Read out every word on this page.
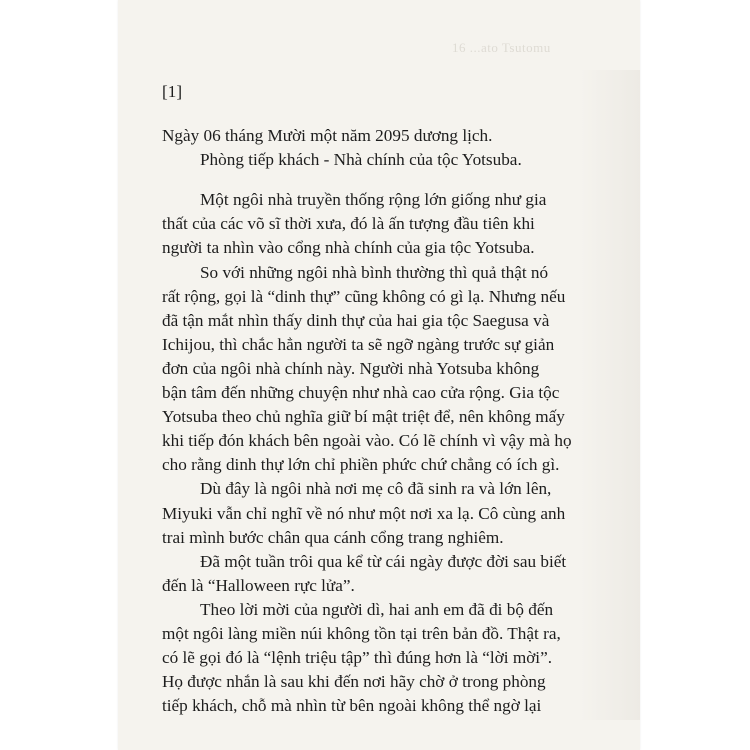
16 ...ato Tsutomu
[1]
Ngày 06 tháng Mười một năm 2095 dương lịch.
Phòng tiếp khách - Nhà chính của tộc Yotsuba.
Một ngôi nhà truyền thống rộng lớn giống như gia
thất của các võ sĩ thời xưa, đó là ấn tượng đầu tiên khi
người ta nhìn vào cổng nhà chính của gia tộc Yotsuba.
So với những ngôi nhà bình thường thì quả thật nó
rất rộng, gọi là “dinh thự” cũng không có gì lạ. Nhưng nếu
đã tận mắt nhìn thấy dinh thự của hai gia tộc Saegusa và
Ichijou, thì chắc hẳn người ta sẽ ngỡ ngàng trước sự giản
đơn của ngôi nhà chính này. Người nhà Yotsuba không
bận tâm đến những chuyện như nhà cao cửa rộng. Gia tộc
Yotsuba theo chủ nghĩa giữ bí mật triệt để, nên không mấy
khi tiếp đón khách bên ngoài vào. Có lẽ chính vì vậy mà họ
cho rằng dinh thự lớn chỉ phiền phức chứ chẳng có ích gì.
Dù đây là ngôi nhà nơi mẹ cô đã sinh ra và lớn lên,
Miyuki vẫn chỉ nghĩ về nó như một nơi xa lạ. Cô cùng anh
trai mình bước chân qua cánh cổng trang nghiêm.
Đã một tuần trôi qua kể từ cái ngày được đời sau biết
đến là “Halloween rực lửa”.
Theo lời mời của người dì, hai anh em đã đi bộ đến
một ngôi làng miền núi không tồn tại trên bản đồ. Thật ra,
có lẽ gọi đó là “lệnh triệu tập” thì đúng hơn là “lời mời”.
Họ được nhắn là sau khi đến nơi hãy chờ ở trong phòng
tiếp khách, chỗ mà nhìn từ bên ngoài không thể ngờ lại
